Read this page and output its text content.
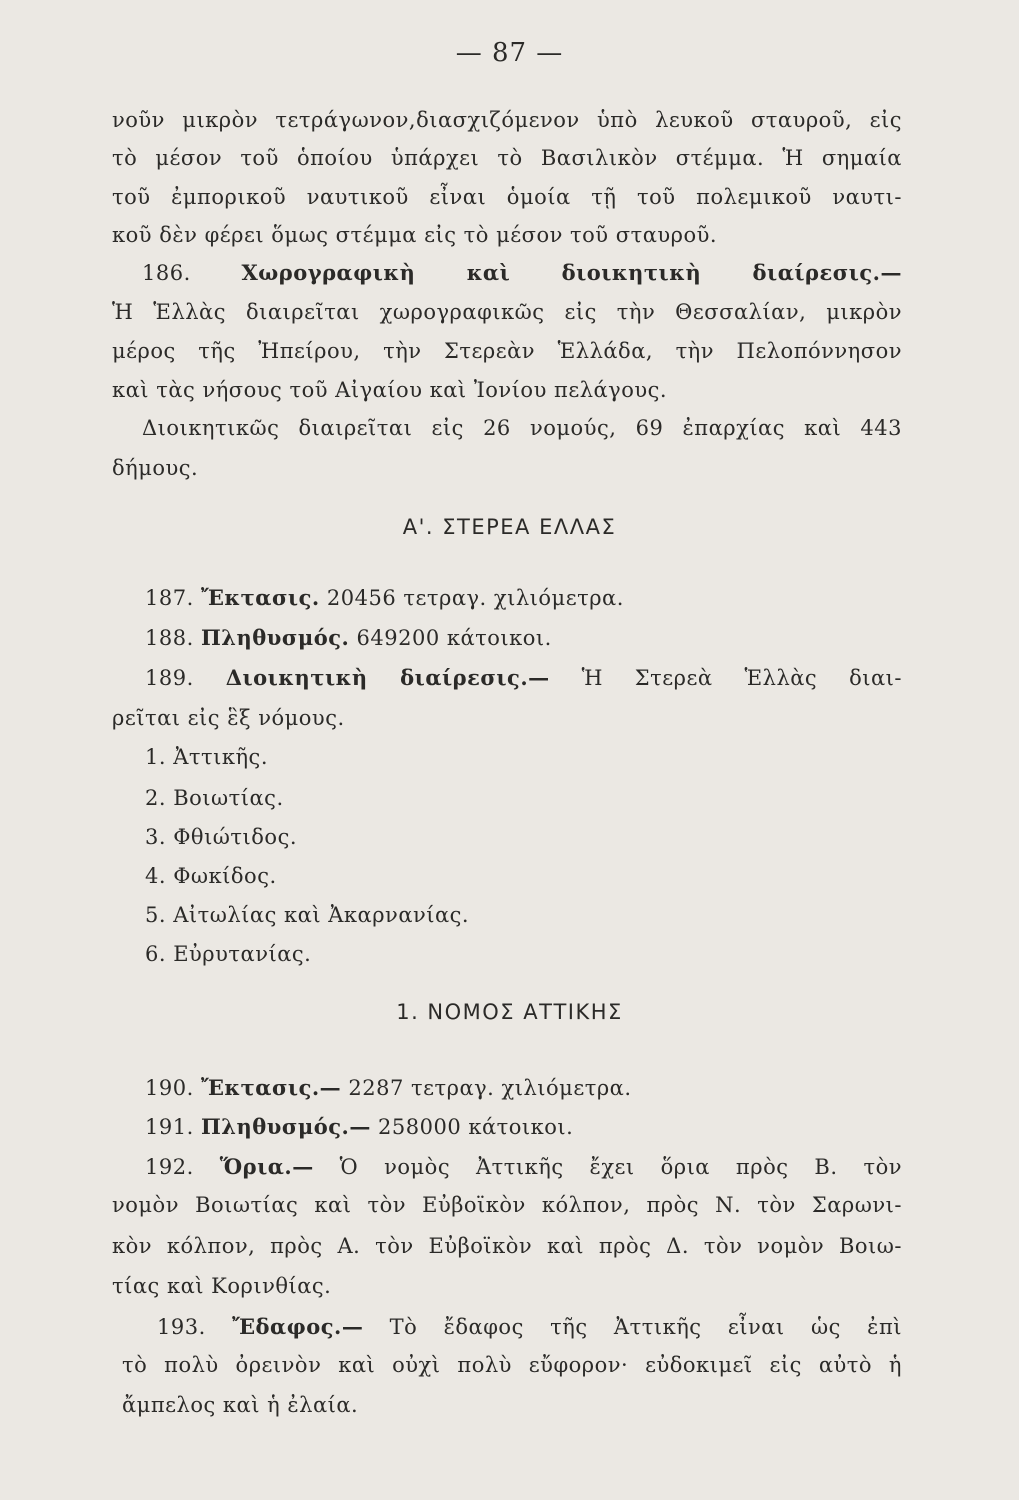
— 87 —
νοῦν μικρὸν τετράγωνον,διασχιζόμενον ὑπὸ λευκοῦ σταυροῦ, εἰς
τὸ μέσον τοῦ ὁποίου ὑπάρχει τὸ Βασιλικὸν στέμμα. Ἡ σημαία
τοῦ ἐμπορικοῦ ναυτικοῦ εἶναι ὁμοία τῇ τοῦ πολεμικοῦ ναυτι-
κοῦ δὲν φέρει ὅμως στέμμα εἰς τὸ μέσον τοῦ σταυροῦ.
186. Χωρογραφικὴ καὶ διοικητικὴ διαίρεσις.—
Ἡ Ἑλλὰς διαιρεῖται χωρογραφικῶς εἰς τὴν Θεσσαλίαν, μικρὸν
μέρος τῆς Ἠπείρου, τὴν Στερεὰν Ἑλλάδα, τὴν Πελοπόννησον
καὶ τὰς νήσους τοῦ Αἰγαίου καὶ Ἰονίου πελάγους.
Διοικητικῶς διαιρεῖται εἰς 26 νομούς, 69 ἐπαρχίας καὶ 443
δήμους.
Α'. ΣΤΕΡΕΑ ΕΛΛΑΣ
187. Ἔκτασις. 20456 τετραγ. χιλιόμετρα.
188. Πληθυσμός. 649200 κάτοικοι.
189. Διοικητικὴ διαίρεσις.— Ἡ Στερεὰ Ἑλλὰς διαι-
ρεῖται εἰς ἓξ νόμους.
1. Ἀττικῆς.
2. Βοιωτίας.
3. Φθιώτιδος.
4. Φωκίδος.
5. Αἰτωλίας καὶ Ἀκαρνανίας.
6. Εὐρυτανίας.
1. ΝΟΜΟΣ ΑΤΤΙΚΗΣ
190. Ἔκτασις.— 2287 τετραγ. χιλιόμετρα.
191. Πληθυσμός.— 258000 κάτοικοι.
192. Ὅρια.— Ὁ νομὸς Ἀττικῆς ἔχει ὅρια πρὸς Β. τὸν
νομὸν Βοιωτίας καὶ τὸν Εὐβοϊκὸν κόλπον, πρὸς Ν. τὸν Σαρωνι-
κὸν κόλπον, πρὸς Α. τὸν Εὐβοϊκὸν καὶ πρὸς Δ. τὸν νομὸν Βοιω-
τίας καὶ Κορινθίας.
193. Ἔδαφος.— Τὸ ἔδαφος τῆς Ἀττικῆς εἶναι ὡς ἐπὶ
τὸ πολὺ ὀρεινὸν καὶ οὐχὶ πολὺ εὔφορον· εὐδοκιμεῖ εἰς αὐτὸ ἡ
ἄμπελος καὶ ἡ ἐλαία.
